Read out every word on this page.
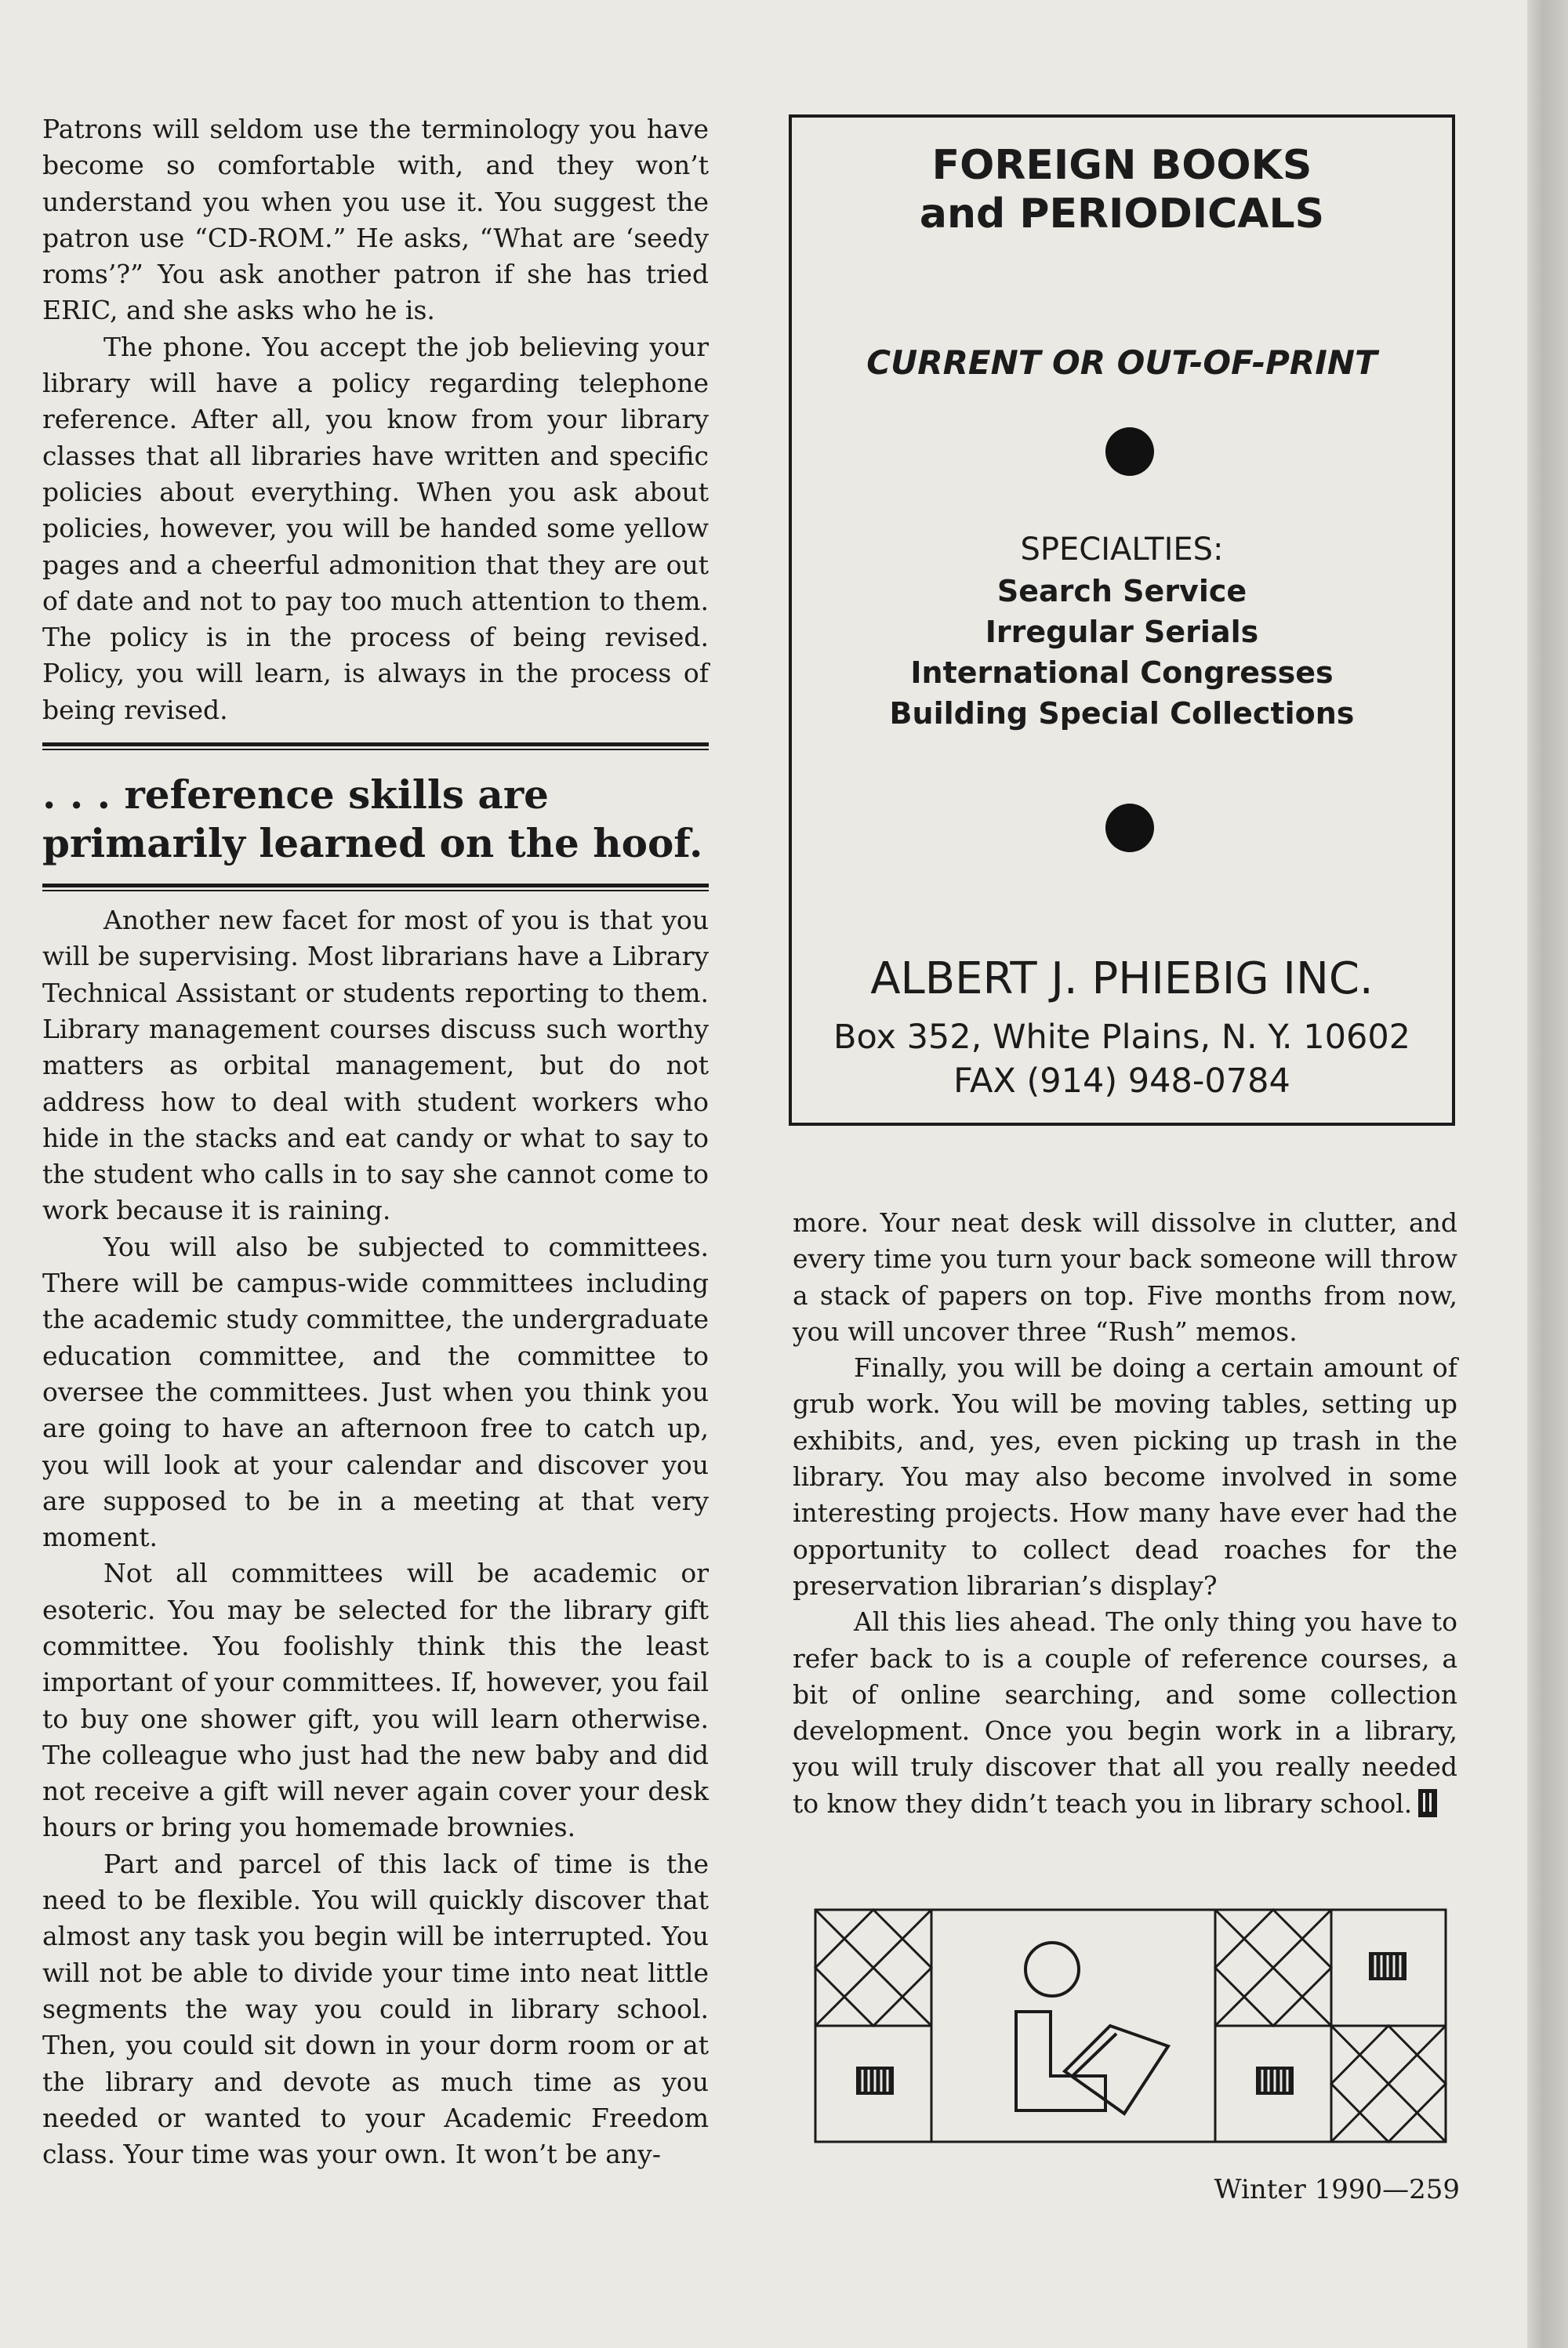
Patrons will seldom use the terminology you have become so comfortable with, and they won’t understand you when you use it. You suggest the patron use “CD-ROM.” He asks, “What are ‘seedy roms’?” You ask another patron if she has tried ERIC, and she asks who he is.

The phone. You accept the job believing your library will have a policy regarding telephone reference. After all, you know from your library classes that all libraries have written and specific policies about everything. When you ask about policies, however, you will be handed some yellow pages and a cheerful admonition that they are out of date and not to pay too much attention to them. The policy is in the process of being revised. Policy, you will learn, is always in the process of being revised.

. . . reference skills are primarily learned on the hoof.

Another new facet for most of you is that you will be supervising. Most librarians have a Library Technical Assistant or students reporting to them. Library management courses discuss such worthy matters as orbital management, but do not address how to deal with student workers who hide in the stacks and eat candy or what to say to the student who calls in to say she cannot come to work because it is raining.

You will also be subjected to committees. There will be campus-wide committees including the academic study committee, the undergraduate education committee, and the committee to oversee the committees. Just when you think you are going to have an afternoon free to catch up, you will look at your calendar and discover you are supposed to be in a meeting at that very moment.

Not all committees will be academic or esoteric. You may be selected for the library gift committee. You foolishly think this the least important of your committees. If, however, you fail to buy one shower gift, you will learn otherwise. The colleague who just had the new baby and did not receive a gift will never again cover your desk hours or bring you homemade brownies.

Part and parcel of this lack of time is the need to be flexible. You will quickly discover that almost any task you begin will be interrupted. You will not be able to divide your time into neat little segments the way you could in library school. Then, you could sit down in your dorm room or at the library and devote as much time as you needed or wanted to your Academic Freedom class. Your time was your own. It won’t be any-

FOREIGN BOOKS
and PERIODICALS
CURRENT OR OUT-OF-PRINT
SPECIALTIES:
Search Service
Irregular Serials
International Congresses
Building Special Collections
ALBERT J. PHIEBIG INC.
Box 352, White Plains, N. Y. 10602
FAX (914) 948-0784

more. Your neat desk will dissolve in clutter, and every time you turn your back someone will throw a stack of papers on top. Five months from now, you will uncover three “Rush” memos.

Finally, you will be doing a certain amount of grub work. You will be moving tables, setting up exhibits, and, yes, even picking up trash in the library. You may also become involved in some interesting projects. How many have ever had the opportunity to collect dead roaches for the preservation librarian’s display?

All this lies ahead. The only thing you have to refer back to is a couple of reference courses, a bit of online searching, and some collection development. Once you begin work in a library, you will truly discover that all you really needed to know they didn’t teach you in library school.

Winter 1990—259
